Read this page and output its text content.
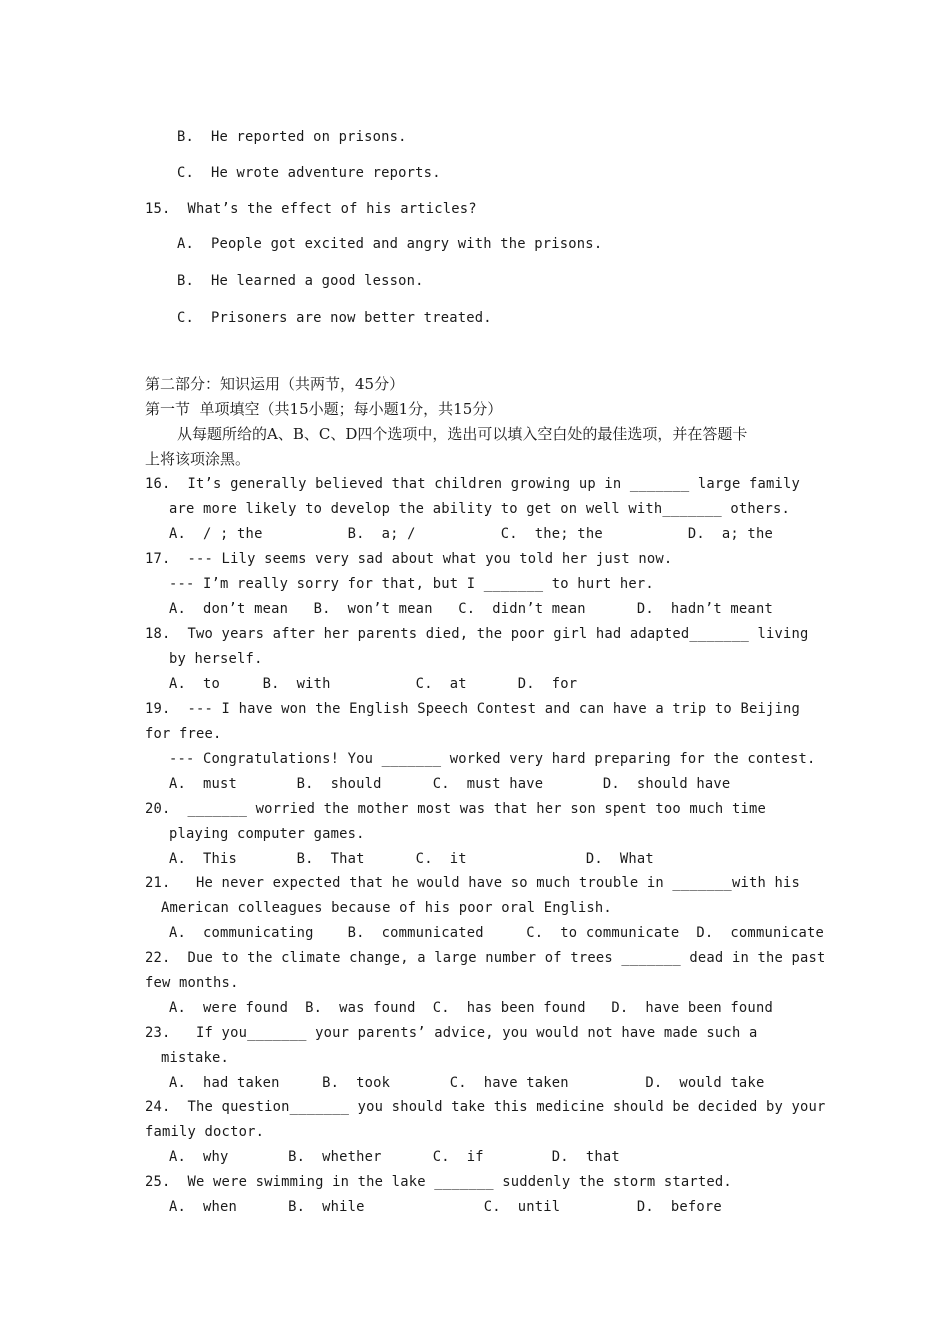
B.  He reported on prisons.
C.  He wrote adventure reports.
15.  What’s the effect of his articles?
A.  People got excited and angry with the prisons.
B.  He learned a good lesson.
C.  Prisoners are now better treated.
第二部分：知识运用（共两节，45分）
第一节  单项填空（共15小题；每小题1分，共15分）
从每题所给的A、B、C、D四个选项中，选出可以填入空白处的最佳选项，并在答题卡
上将该项涂黑。
16.  It’s generally believed that children growing up in _______ large family
are more likely to develop the ability to get on well with_______ others.
A.  / ; the          B.  a; /          C.  the; the          D.  a; the
17.  --- Lily seems very sad about what you told her just now.
--- I’m really sorry for that, but I _______ to hurt her.
A.  don’t mean   B.  won’t mean   C.  didn’t mean      D.  hadn’t meant
18.  Two years after her parents died, the poor girl had adapted_______ living
by herself.
A.  to     B.  with          C.  at      D.  for
19.  --- I have won the English Speech Contest and can have a trip to Beijing
for free.
--- Congratulations! You _______ worked very hard preparing for the contest.
A.  must       B.  should      C.  must have       D.  should have
20.  _______ worried the mother most was that her son spent too much time
playing computer games.
A.  This       B.  That      C.  it              D.  What
21.   He never expected that he would have so much trouble in _______with his
American colleagues because of his poor oral English.
A.  communicating    B.  communicated     C.  to communicate  D.  communicate
22.  Due to the climate change, a large number of trees _______ dead in the past
few months.
A.  were found  B.  was found  C.  has been found   D.  have been found
23.   If you_______ your parents’ advice, you would not have made such a
mistake.
A.  had taken     B.  took       C.  have taken         D.  would take
24.  The question_______ you should take this medicine should be decided by your
family doctor.
A.  why       B.  whether      C.  if        D.  that
25.  We were swimming in the lake _______ suddenly the storm started.
A.  when      B.  while              C.  until         D.  before
